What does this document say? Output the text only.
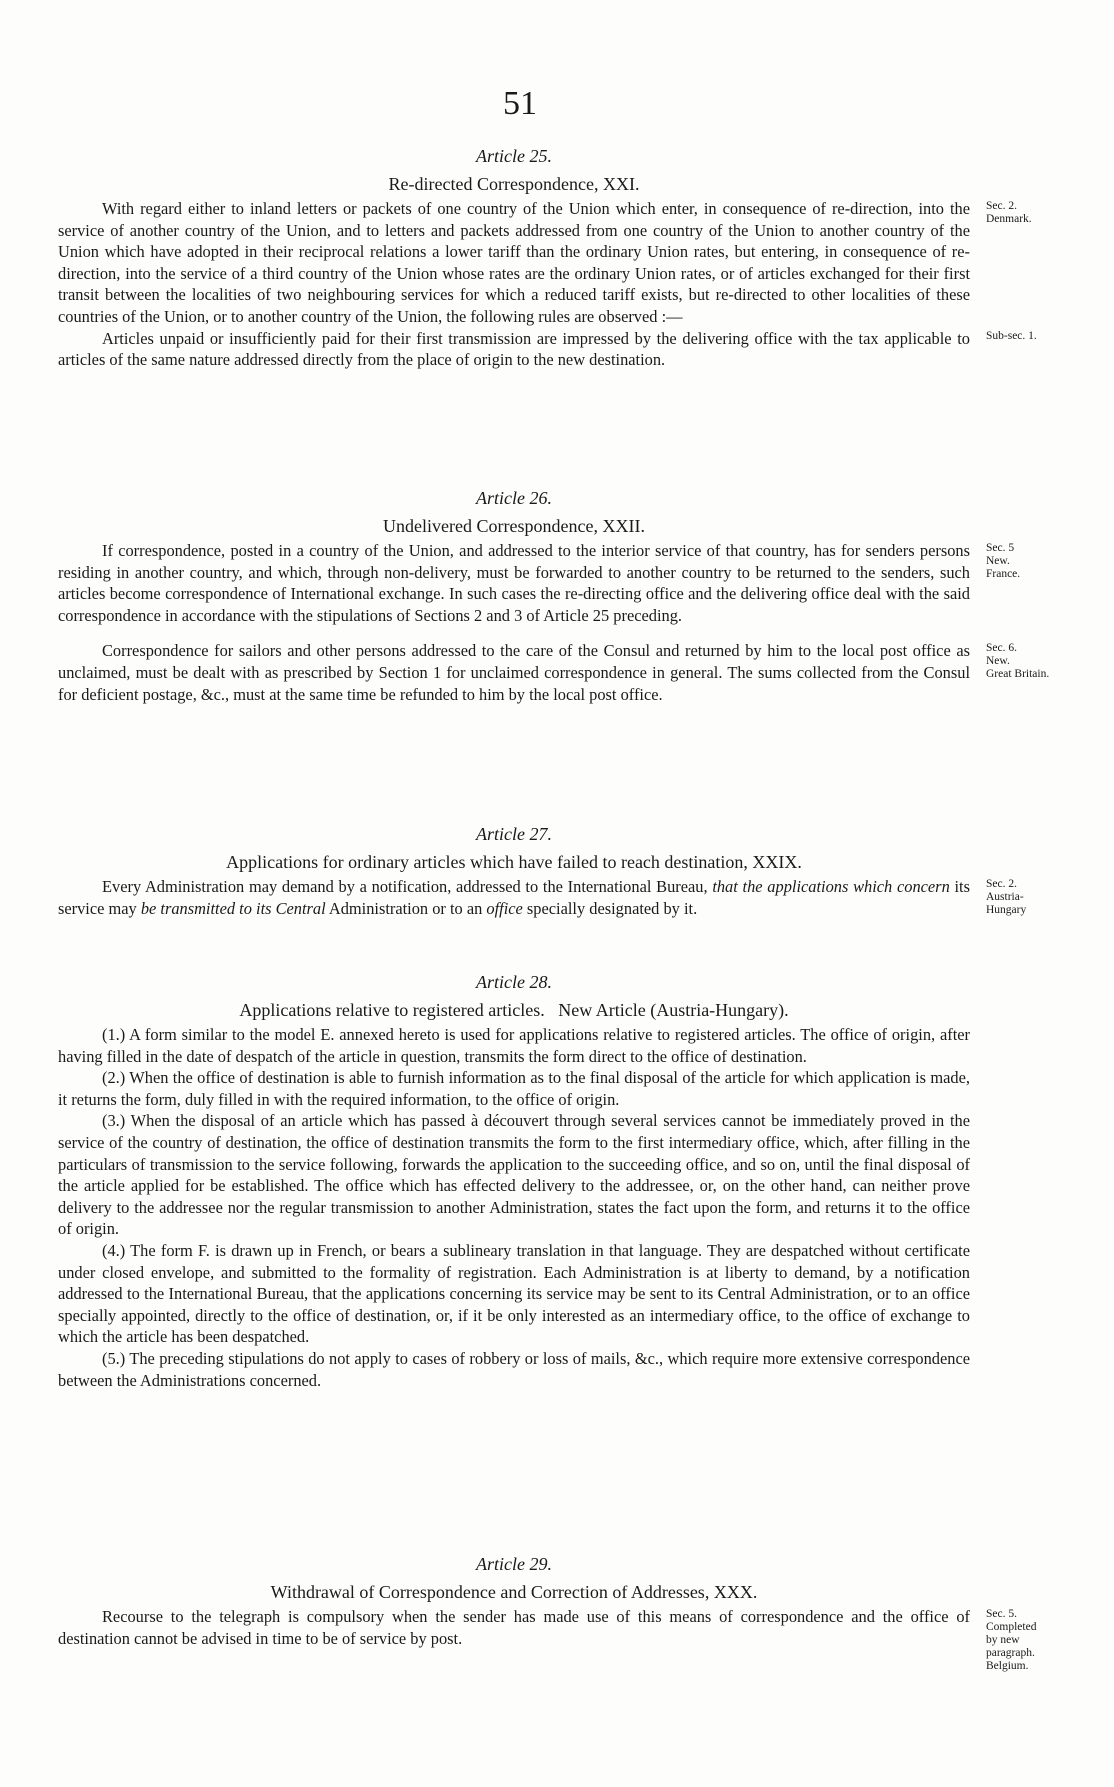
51
Article 25.
Re-directed Correspondence, XXI.

With regard either to inland letters or packets of one country of the Union which enter, in consequence of re-direction, into the service of another country of the Union, and to letters and packets addressed from one country of the Union to another country of the Union which have adopted in their reciprocal relations a lower tariff than the ordinary Union rates, but entering, in consequence of re-direction, into the service of a third country of the Union whose rates are the ordinary Union rates, or of articles exchanged for their first transit between the localities of two neighbouring services for which a reduced tariff exists, but re-directed to other localities of these countries of the Union, or to another country of the Union, the following rules are observed :—

Sec. 2.
Denmark.

Articles unpaid or insufficiently paid for their first transmission are impressed by the delivering office with the tax applicable to articles of the same nature addressed directly from the place of origin to the new destination.

Sub-sec. 1.
Article 26.
Undelivered Correspondence, XXII.

If correspondence, posted in a country of the Union, and addressed to the interior service of that country, has for senders persons residing in another country, and which, through non-delivery, must be forwarded to another country to be returned to the senders, such articles become correspondence of International exchange. In such cases the re-directing office and the delivering office deal with the said correspondence in accordance with the stipulations of Sections 2 and 3 of Article 25 preceding.

Sec. 5
New.
France.

Correspondence for sailors and other persons addressed to the care of the Consul and returned by him to the local post office as unclaimed, must be dealt with as prescribed by Section 1 for unclaimed correspondence in general. The sums collected from the Consul for deficient postage, &c., must at the same time be refunded to him by the local post office.

Sec. 6.
New.
Great Britain.
Article 27.
Applications for ordinary articles which have failed to reach destination, XXIX.

Every Administration may demand by a notification, addressed to the International Bureau, that the applications which concern its service may be transmitted to its Central Administration or to an office specially designated by it.

Sec. 2.
Austria-
Hungary
Article 28.
Applications relative to registered articles.   New Article (Austria-Hungary).

(1.) A form similar to the model E. annexed hereto is used for applications relative to registered articles. The office of origin, after having filled in the date of despatch of the article in question, transmits the form direct to the office of destination.

(2.) When the office of destination is able to furnish information as to the final disposal of the article for which application is made, it returns the form, duly filled in with the required information, to the office of origin.

(3.) When the disposal of an article which has passed à découvert through several services cannot be immediately proved in the service of the country of destination, the office of destination transmits the form to the first intermediary office, which, after filling in the particulars of transmission to the service following, forwards the application to the succeeding office, and so on, until the final disposal of the article applied for be established. The office which has effected delivery to the addressee, or, on the other hand, can neither prove delivery to the addressee nor the regular transmission to another Administration, states the fact upon the form, and returns it to the office of origin.

(4.) The form F. is drawn up in French, or bears a sublineary translation in that language. They are despatched without certificate under closed envelope, and submitted to the formality of registration. Each Administration is at liberty to demand, by a notification addressed to the International Bureau, that the applications concerning its service may be sent to its Central Administration, or to an office specially appointed, directly to the office of destination, or, if it be only interested as an intermediary office, to the office of exchange to which the article has been despatched.

(5.) The preceding stipulations do not apply to cases of robbery or loss of mails, &c., which require more extensive correspondence between the Administrations concerned.

Article 29.
Withdrawal of Correspondence and Correction of Addresses, XXX.

Recourse to the telegraph is compulsory when the sender has made use of this means of correspondence and the office of destination cannot be advised in time to be of service by post.

Sec. 5.
Completed
by new
paragraph.
Belgium.
